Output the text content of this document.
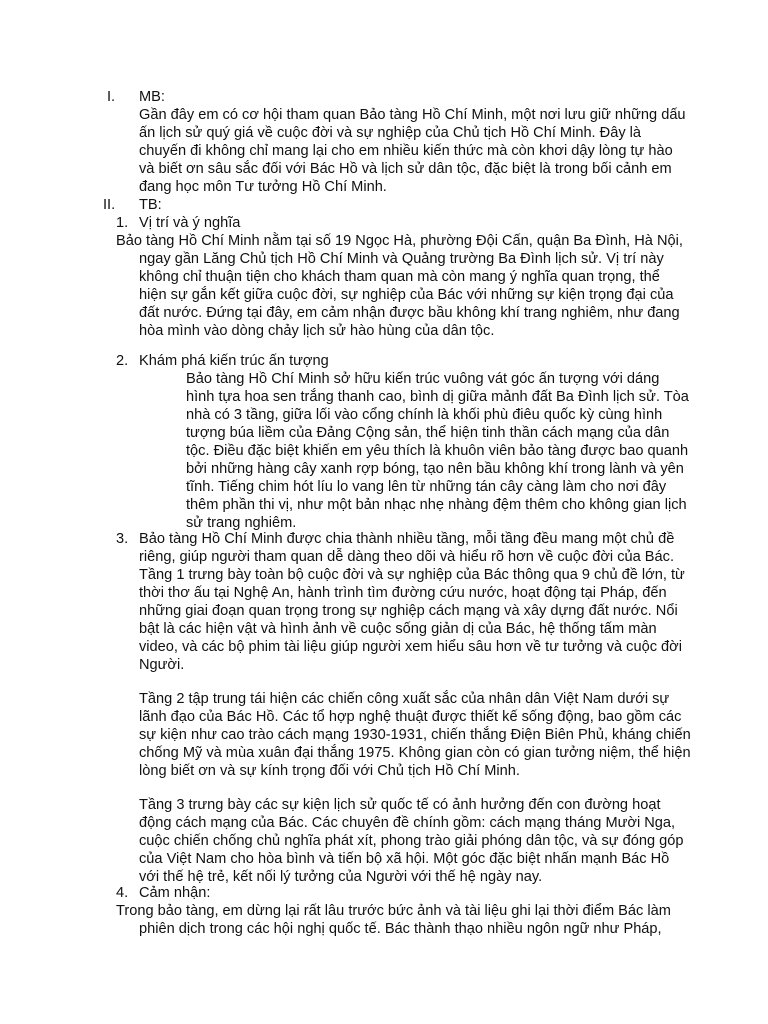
I. MB:
Gần đây em có cơ hội tham quan Bảo tàng Hồ Chí Minh, một nơi lưu giữ những dấu
ấn lịch sử quý giá về cuộc đời và sự nghiệp của Chủ tịch Hồ Chí Minh. Đây là
chuyến đi không chỉ mang lại cho em nhiều kiến thức mà còn khơi dậy lòng tự hào
và biết ơn sâu sắc đối với Bác Hồ và lịch sử dân tộc, đặc biệt là trong bối cảnh em
đang học môn Tư tưởng Hồ Chí Minh.
II. TB:
1. Vị trí và ý nghĩa
Bảo tàng Hồ Chí Minh nằm tại số 19 Ngọc Hà, phường Đội Cấn, quận Ba Đình, Hà Nội,
ngay gần Lăng Chủ tịch Hồ Chí Minh và Quảng trường Ba Đình lịch sử. Vị trí này
không chỉ thuận tiện cho khách tham quan mà còn mang ý nghĩa quan trọng, thể
hiện sự gắn kết giữa cuộc đời, sự nghiệp của Bác với những sự kiện trọng đại của
đất nước. Đứng tại đây, em cảm nhận được bầu không khí trang nghiêm, như đang
hòa mình vào dòng chảy lịch sử hào hùng của dân tộc.
2. Khám phá kiến trúc ấn tượng
Bảo tàng Hồ Chí Minh sở hữu kiến trúc vuông vát góc ấn tượng với dáng
hình tựa hoa sen trắng thanh cao, bình dị giữa mảnh đất Ba Đình lịch sử. Tòa
nhà có 3 tầng, giữa lối vào cổng chính là khối phù điêu quốc kỳ cùng hình
tượng búa liềm của Đảng Cộng sản, thể hiện tinh thần cách mạng của dân
tộc. Điều đặc biệt khiến em yêu thích là khuôn viên bảo tàng được bao quanh
bởi những hàng cây xanh rợp bóng, tạo nên bầu không khí trong lành và yên
tĩnh. Tiếng chim hót líu lo vang lên từ những tán cây càng làm cho nơi đây
thêm phần thi vị, như một bản nhạc nhẹ nhàng đệm thêm cho không gian lịch
sử trang nghiêm.
3. Bảo tàng Hồ Chí Minh được chia thành nhiều tầng, mỗi tầng đều mang một chủ đề
riêng, giúp người tham quan dễ dàng theo dõi và hiểu rõ hơn về cuộc đời của Bác.
Tầng 1 trưng bày toàn bộ cuộc đời và sự nghiệp của Bác thông qua 9 chủ đề lớn, từ
thời thơ ấu tại Nghệ An, hành trình tìm đường cứu nước, hoạt động tại Pháp, đến
những giai đoạn quan trọng trong sự nghiệp cách mạng và xây dựng đất nước. Nổi
bật là các hiện vật và hình ảnh về cuộc sống giản dị của Bác, hệ thống tấm màn
video, và các bộ phim tài liệu giúp người xem hiểu sâu hơn về tư tưởng và cuộc đời
Người.
Tầng 2 tập trung tái hiện các chiến công xuất sắc của nhân dân Việt Nam dưới sự
lãnh đạo của Bác Hồ. Các tổ hợp nghệ thuật được thiết kế sống động, bao gồm các
sự kiện như cao trào cách mạng 1930-1931, chiến thắng Điện Biên Phủ, kháng chiến
chống Mỹ và mùa xuân đại thắng 1975. Không gian còn có gian tưởng niệm, thể hiện
lòng biết ơn và sự kính trọng đối với Chủ tịch Hồ Chí Minh.
Tầng 3 trưng bày các sự kiện lịch sử quốc tế có ảnh hưởng đến con đường hoạt
động cách mạng của Bác. Các chuyên đề chính gồm: cách mạng tháng Mười Nga,
cuộc chiến chống chủ nghĩa phát xít, phong trào giải phóng dân tộc, và sự đóng góp
của Việt Nam cho hòa bình và tiến bộ xã hội. Một góc đặc biệt nhấn mạnh Bác Hồ
với thế hệ trẻ, kết nối lý tưởng của Người với thế hệ ngày nay.
4. Cảm nhận:
Trong bảo tàng, em dừng lại rất lâu trước bức ảnh và tài liệu ghi lại thời điểm Bác làm
phiên dịch trong các hội nghị quốc tế. Bác thành thạo nhiều ngôn ngữ như Pháp,
